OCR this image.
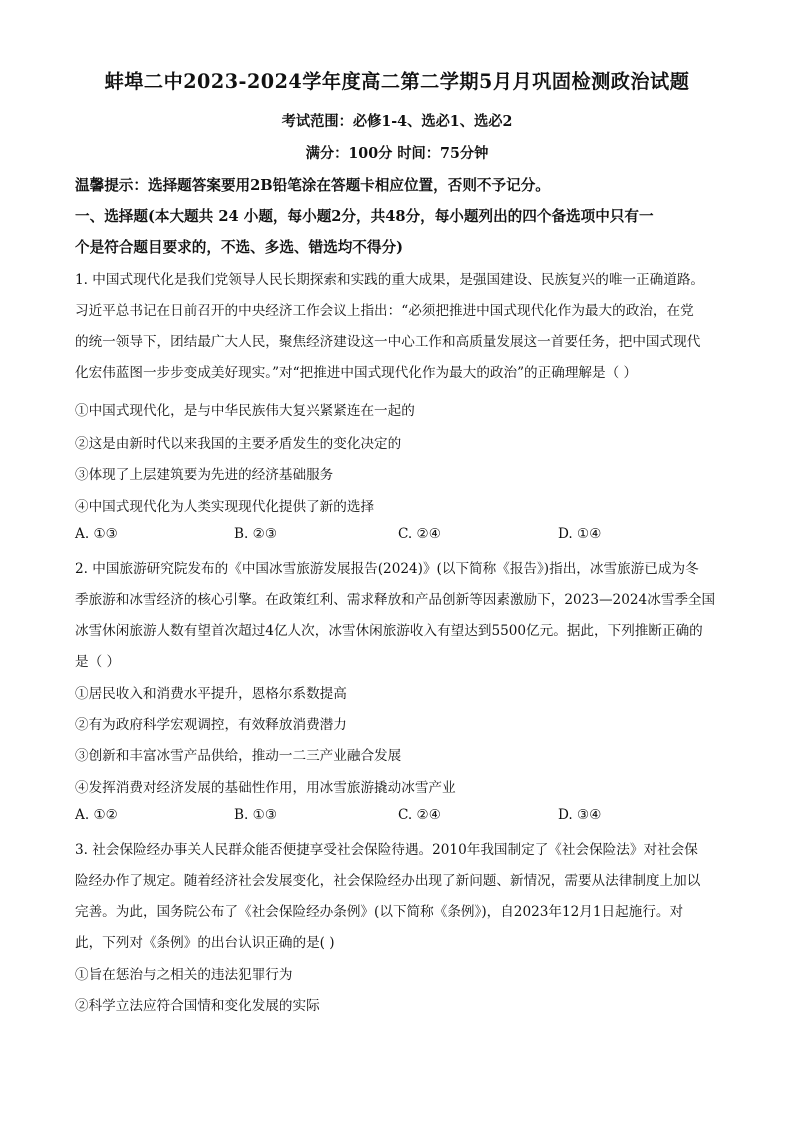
蚌埠二中2023-2024学年度高二第二学期5月月巩固检测政治试题
考试范围：必修1-4、选必1、选必2
满分：100分 时间：75分钟
温馨提示：选择题答案要用2B铅笔涂在答题卡相应位置，否则不予记分。
一、选择题(本大题共 24 小题，每小题2分，共48分，每小题列出的四个备选项中只有一
个是符合题目要求的，不选、多选、错选均不得分)
1. 中国式现代化是我们党领导人民长期探索和实践的重大成果，是强国建设、民族复兴的唯一正确道路。
习近平总书记在日前召开的中央经济工作会议上指出：“必须把推进中国式现代化作为最大的政治，在党
的统一领导下，团结最广大人民，聚焦经济建设这一中心工作和高质量发展这一首要任务，把中国式现代
化宏伟蓝图一步步变成美好现实。”对“把推进中国式现代化作为最大的政治”的正确理解是（ ）
①中国式现代化，是与中华民族伟大复兴紧紧连在一起的
②这是由新时代以来我国的主要矛盾发生的变化决定的
③体现了上层建筑要为先进的经济基础服务
④中国式现代化为人类实现现代化提供了新的选择
A. ①③	B. ②③	C. ②④	D. ①④
2. 中国旅游研究院发布的《中国冰雪旅游发展报告(2024)》(以下简称《报告》)指出，冰雪旅游已成为冬
季旅游和冰雪经济的核心引擎。在政策红利、需求释放和产品创新等因素激励下，2023—2024冰雪季全国
冰雪休闲旅游人数有望首次超过4亿人次，冰雪休闲旅游收入有望达到5500亿元。据此，下列推断正确的
是（ ）
①居民收入和消费水平提升，恩格尔系数提高
②有为政府科学宏观调控，有效释放消费潜力
③创新和丰富冰雪产品供给，推动一二三产业融合发展
④发挥消费对经济发展的基础性作用，用冰雪旅游撬动冰雪产业
A. ①②	B. ①③	C. ②④	D. ③④
3. 社会保险经办事关人民群众能否便捷享受社会保险待遇。2010年我国制定了《社会保险法》对社会保
险经办作了规定。随着经济社会发展变化，社会保险经办出现了新问题、新情况，需要从法律制度上加以
完善。为此，国务院公布了《社会保险经办条例》(以下简称《条例》)，自2023年12月1日起施行。对
此，下列对《条例》的出台认识正确的是( )
①旨在惩治与之相关的违法犯罪行为
②科学立法应符合国情和变化发展的实际
